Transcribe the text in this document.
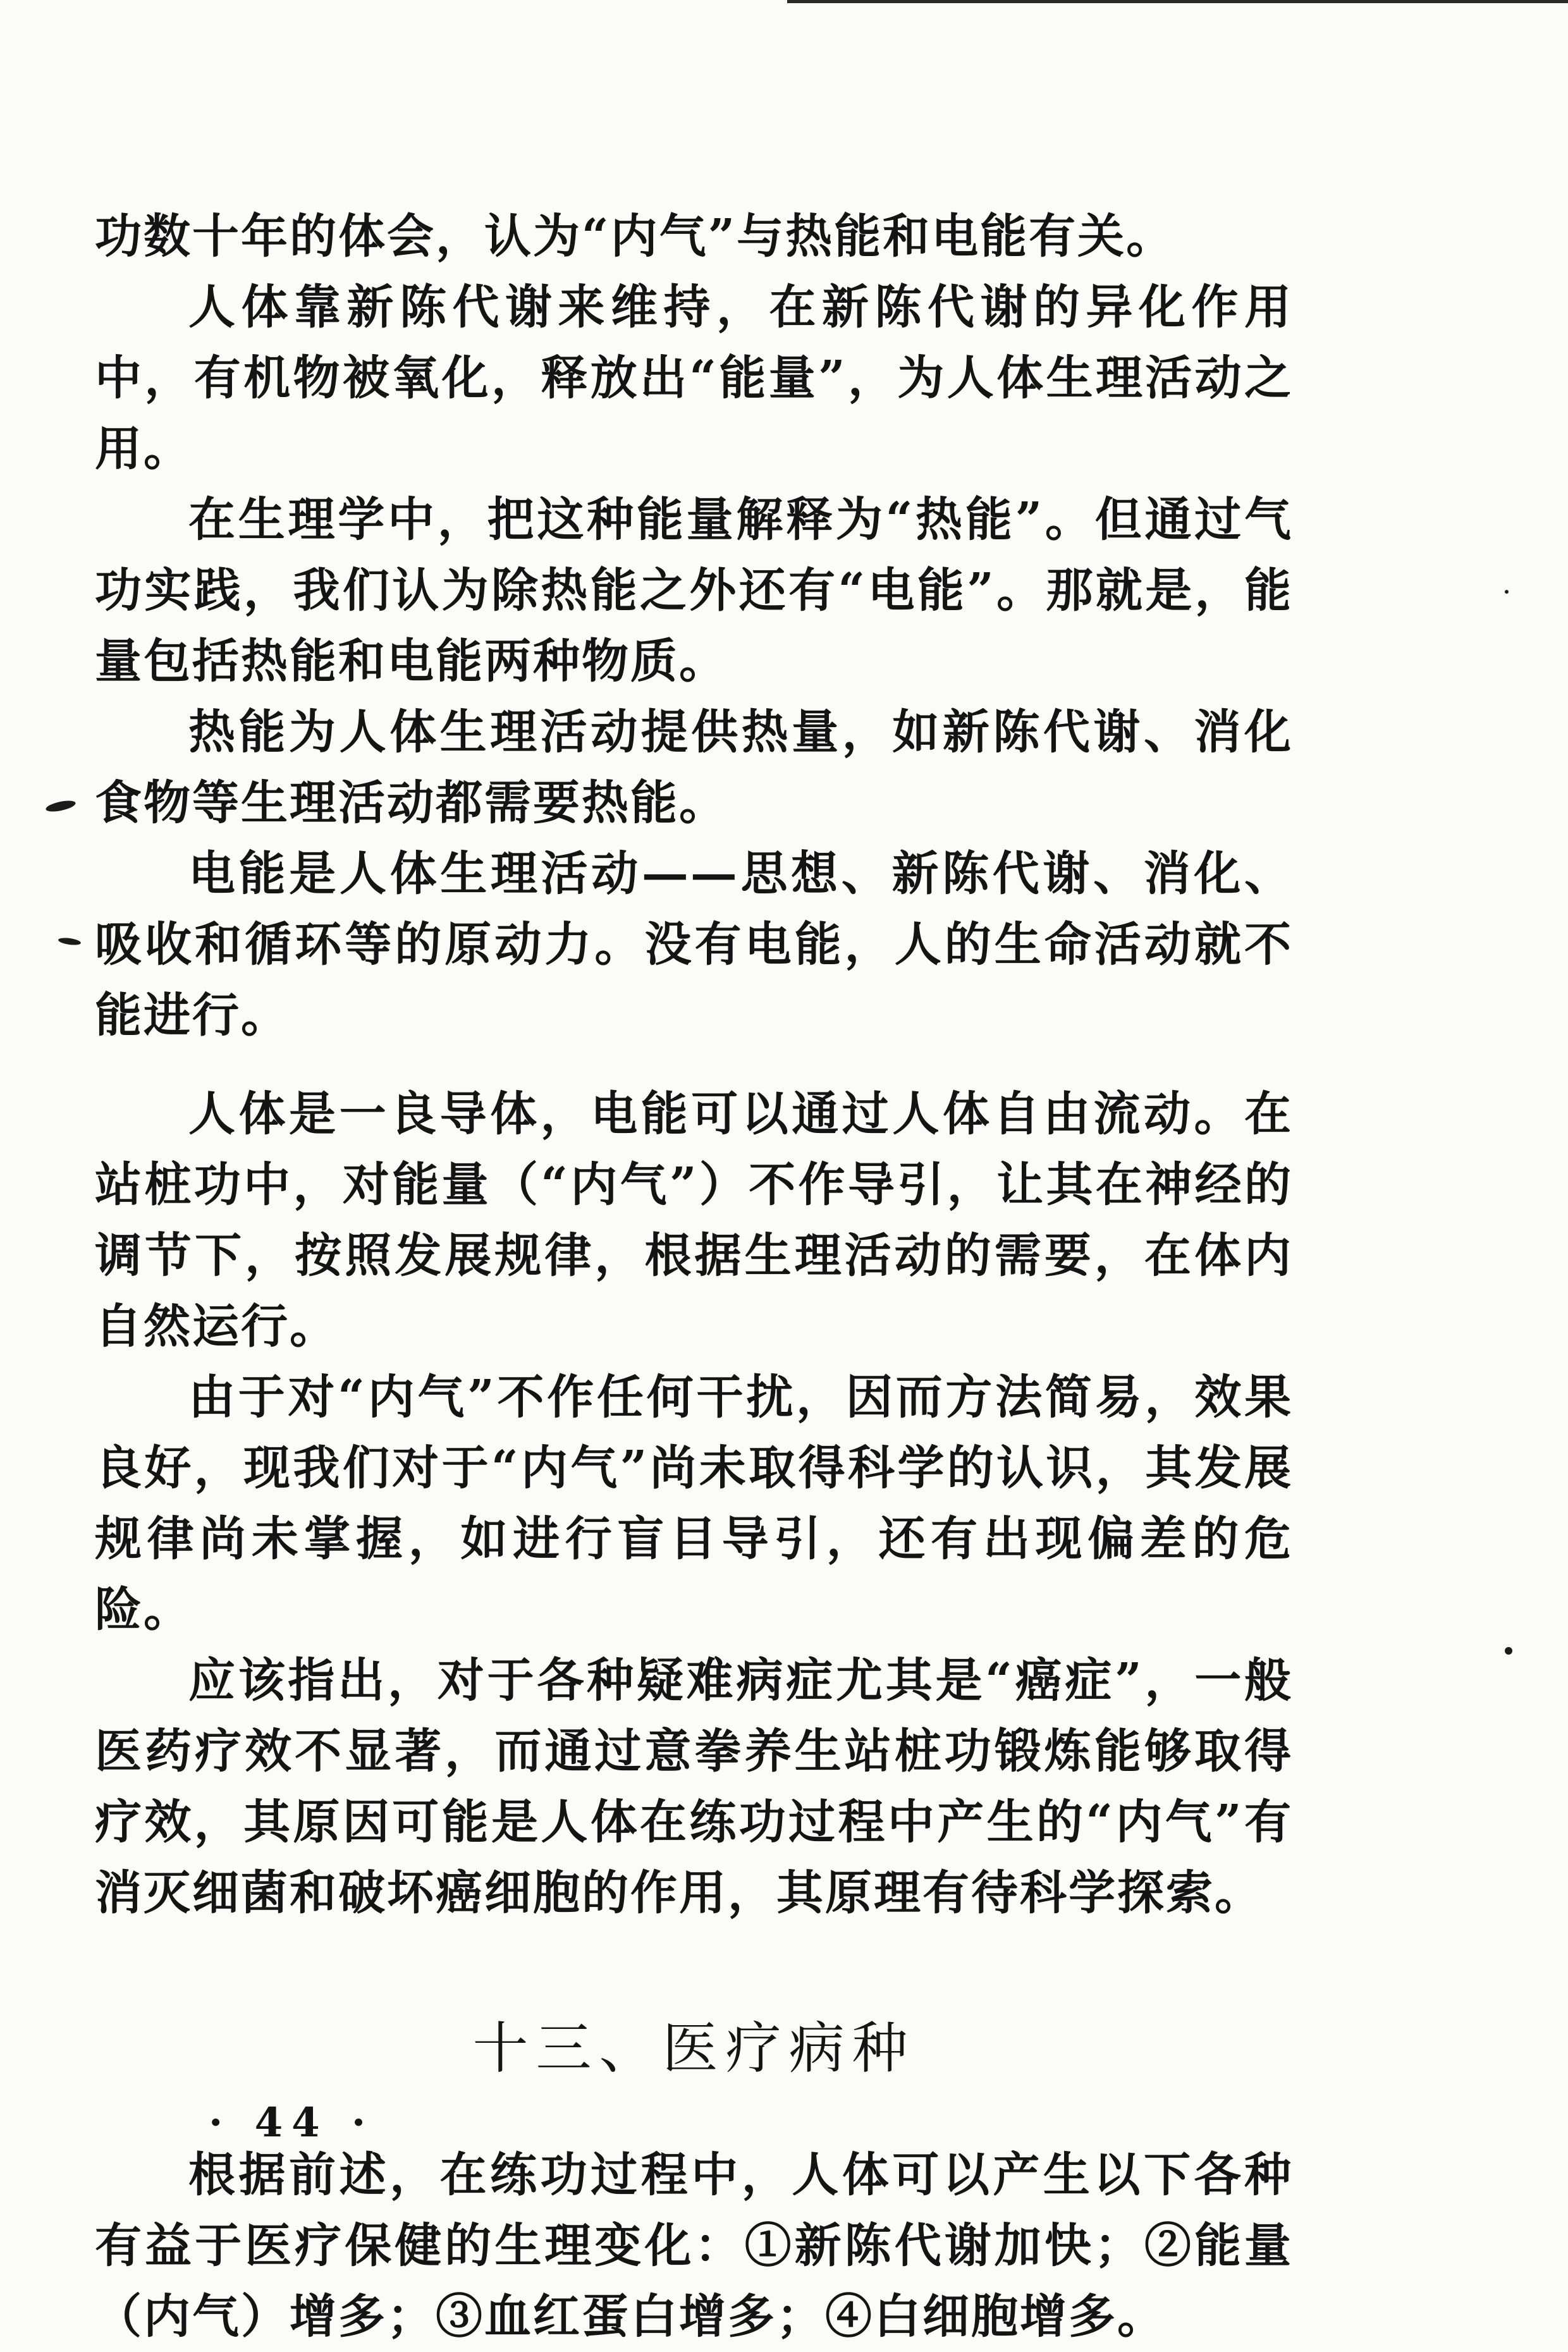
功数十年的体会，认为“内气”与热能和电能有关。

人体靠新陈代谢来维持，在新陈代谢的异化作用中，有机物被氧化，释放出“能量”，为人体生理活动之用。

在生理学中，把这种能量解释为“热能”。但通过气功实践，我们认为除热能之外还有“电能”。那就是，能量包括热能和电能两种物质。

热能为人体生理活动提供热量，如新陈代谢、消化食物等生理活动都需要热能。

电能是人体生理活动——思想、新陈代谢、消化、吸收和循环等的原动力。没有电能，人的生命活动就不能进行。

人体是一良导体，电能可以通过人体自由流动。在站桩功中，对能量（“内气”）不作导引，让其在神经的调节下，按照发展规律，根据生理活动的需要，在体内自然运行。

由于对“内气”不作任何干扰，因而方法简易，效果良好，现我们对于“内气”尚未取得科学的认识，其发展规律尚未掌握，如进行盲目导引，还有出现偏差的危险。

应该指出，对于各种疑难病症尤其是“癌症”，一般医药疗效不显著，而通过意拳养生站桩功锻炼能够取得疗效，其原因可能是人体在练功过程中产生的“内气”有消灭细菌和破坏癌细胞的作用，其原理有待科学探索。

十三、医疗病种

根据前述，在练功过程中，人体可以产生以下各种有益于医疗保健的生理变化：①新陈代谢加快；②能量（内气）增多；③血红蛋白增多；④白细胞增多。

· 44 ·
